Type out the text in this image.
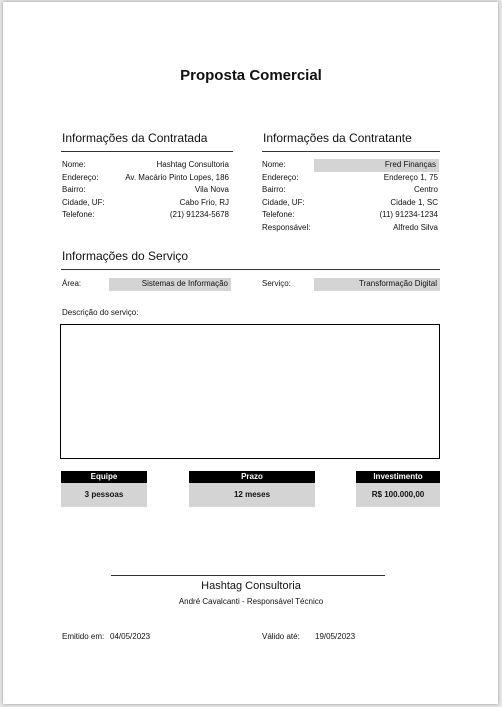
Proposta Comercial
Informações da Contratada
Nome:	Hashtag Consultoria
Endereço:	Av. Macário Pinto Lopes, 186
Bairro:	Vila Nova
Cidade, UF:	Cabo Frio, RJ
Telefone:	(21) 91234-5678
Informações da Contratante
Nome:	Fred Finanças
Endereço:	Endereço 1, 75
Bairro:	Centro
Cidade, UF:	Cidade 1, SC
Telefone:	(11) 91234-1234
Responsável:	Alfredo Silva
Informações do Serviço
Área:	Sistemas de Informação	Serviço:	Transformação Digital
Descrição do serviço:
Equipe
3 pessoas
Prazo
12 meses
Investimento
R$ 100.000,00
Hashtag Consultoria
André Cavalcanti - Responsável Técnico
Emitido em: 04/05/2023	Válido até: 19/05/2023
